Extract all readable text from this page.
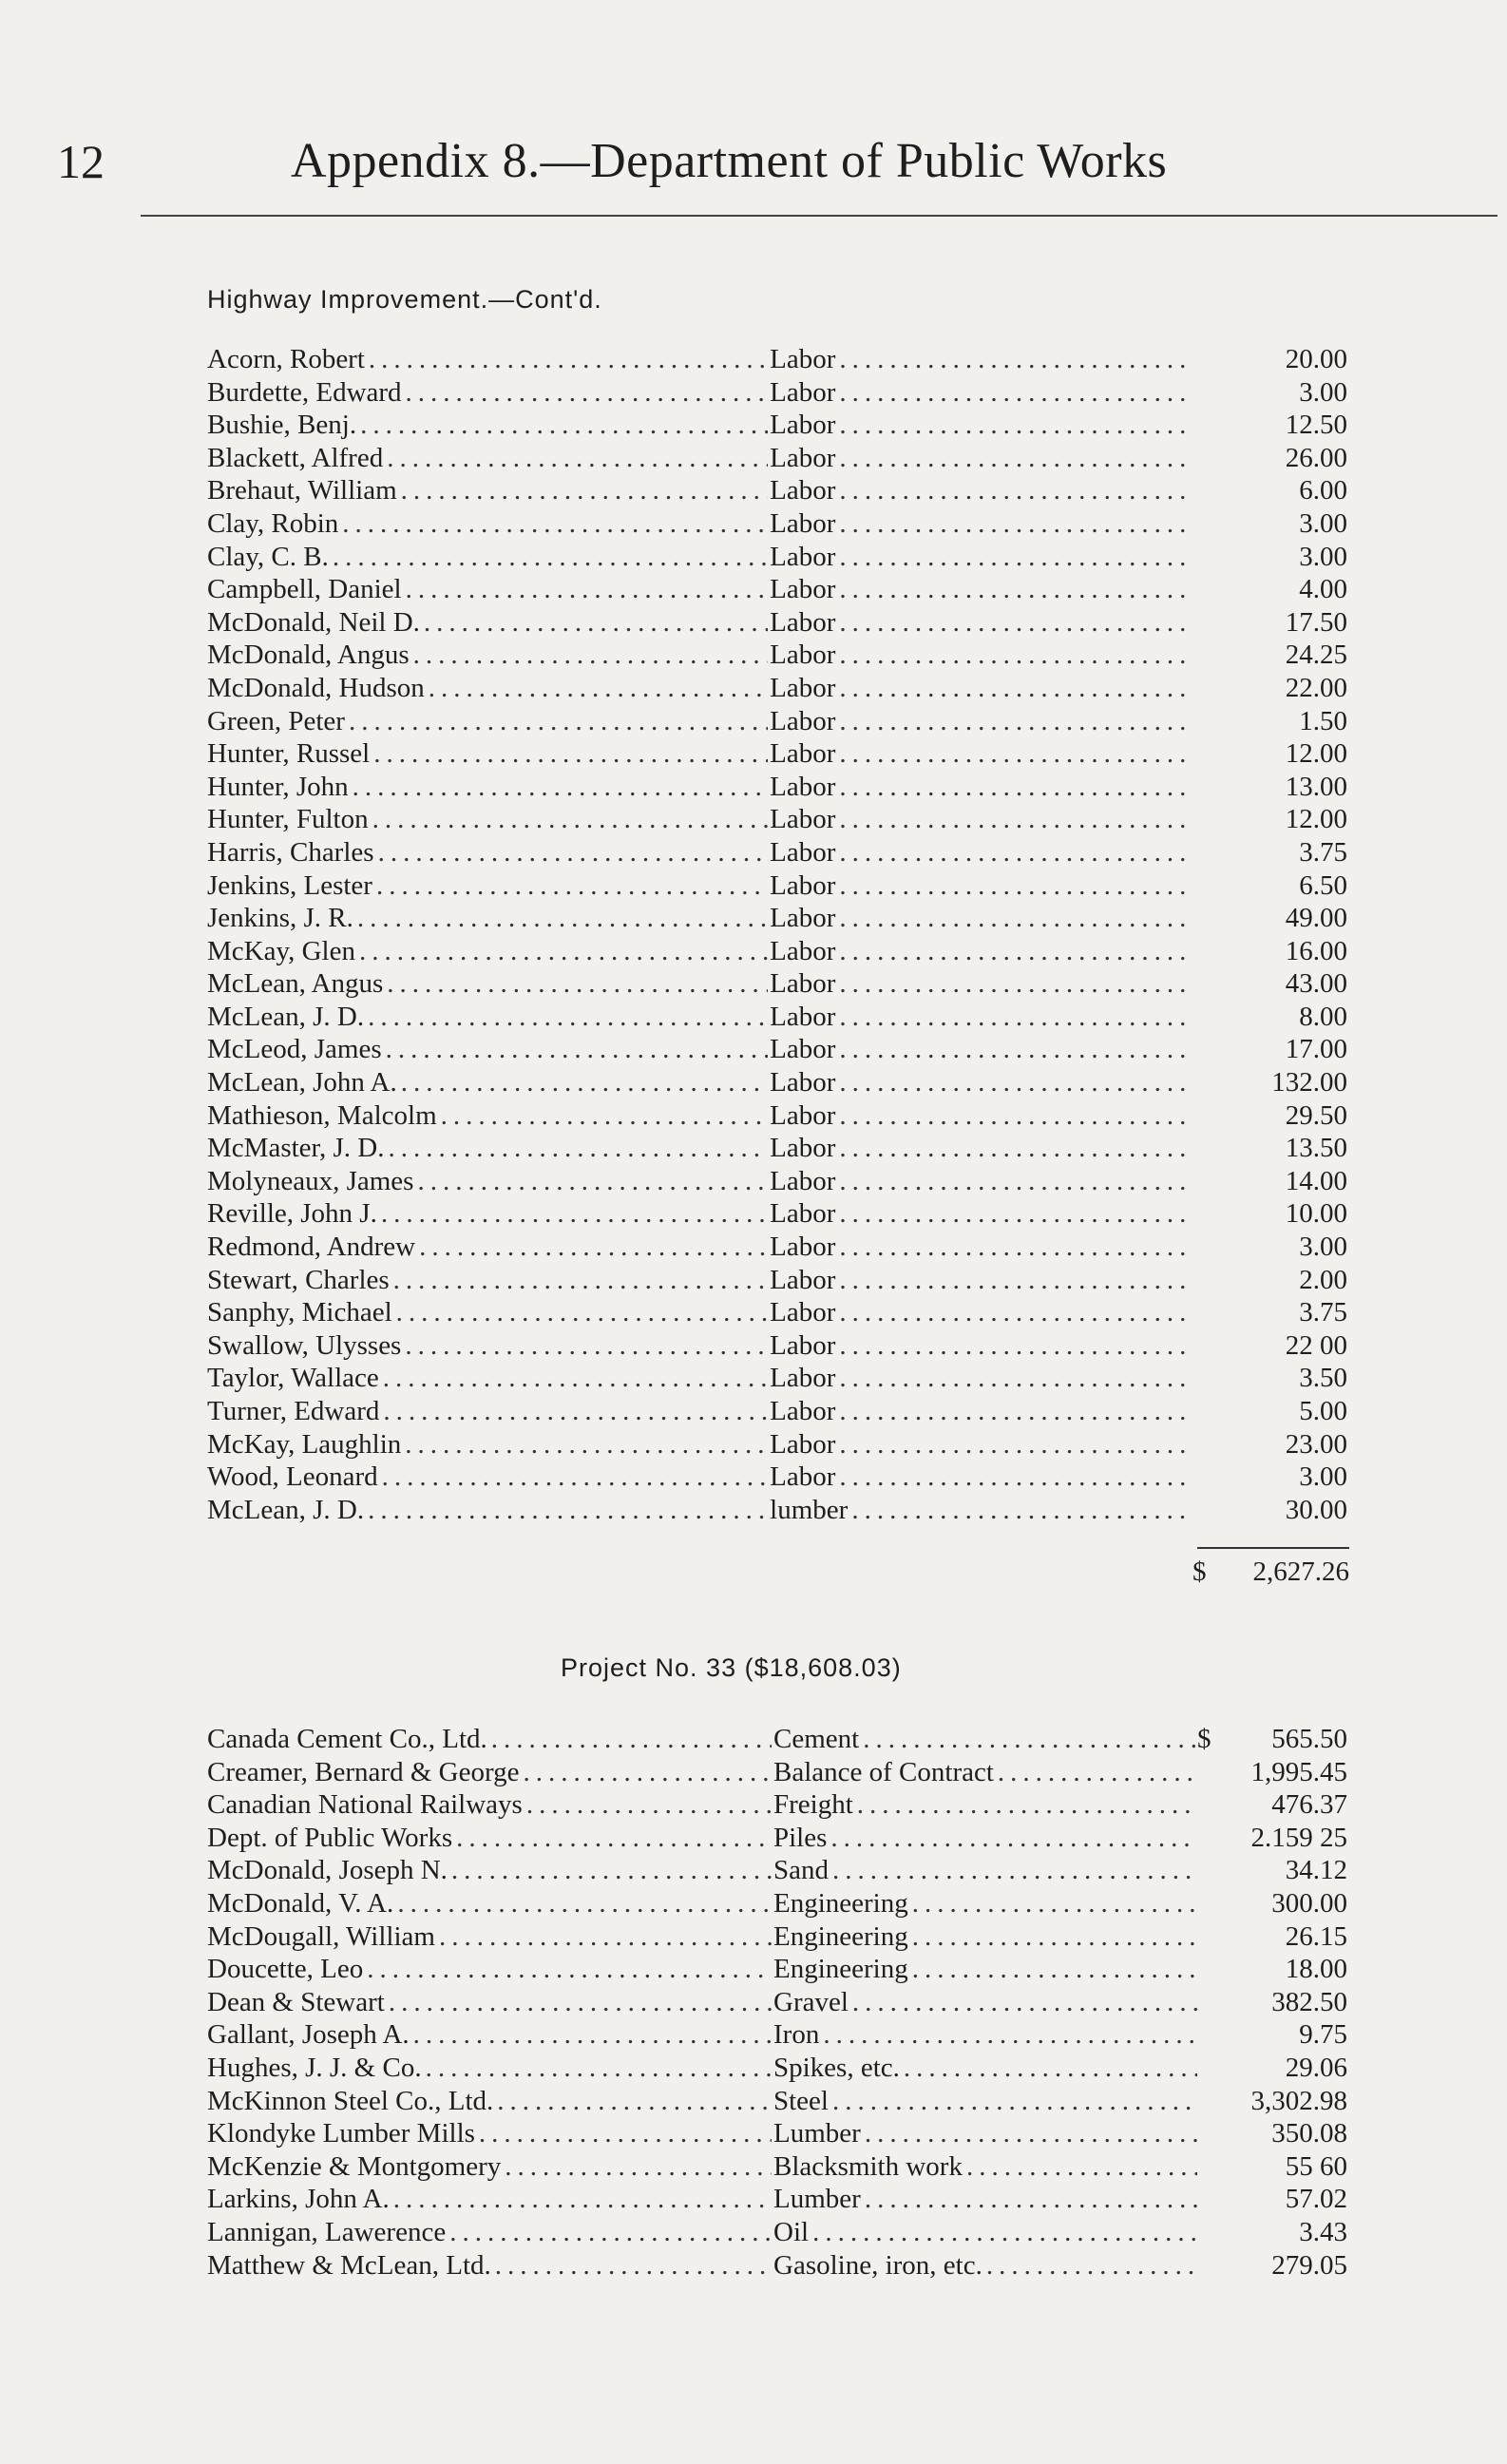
12	Appendix 8.—Department of Public Works
Highway Improvement.—Cont'd.
Acorn, Robert .....	Labor .....	20.00
Burdette, Edward .....	Labor .....	3.00
Bushie, Benj. .....	Labor .....	12.50
Blackett, Alfred .....	Labor .....	26.00
Brehaut, William .....	Labor .....	6.00
Clay, Robin .....	Labor .....	3.00
Clay, C. B. .....	Labor .....	3.00
Campbell, Daniel .....	Labor .....	4.00
McDonald, Neil D. .....	Labor .....	17.50
McDonald, Angus .....	Labor .....	24.25
McDonald, Hudson .....	Labor .....	22.00
Green, Peter .....	Labor .....	1.50
Hunter, Russel .....	Labor .....	12.00
Hunter, John .....	Labor .....	13.00
Hunter, Fulton .....	Labor .....	12.00
Harris, Charles .....	Labor .....	3.75
Jenkins, Lester .....	Labor .....	6.50
Jenkins, J. R. .....	Labor .....	49.00
McKay, Glen .....	Labor .....	16.00
McLean, Angus .....	Labor .....	43.00
McLean, J. D. .....	Labor .....	8.00
McLeod, James .....	Labor .....	17.00
McLean, John A. .....	Labor .....	132.00
Mathieson, Malcolm .....	Labor .....	29.50
McMaster, J. D. .....	Labor .....	13.50
Molyneaux, James .....	Labor .....	14.00
Reville, John J. .....	Labor .....	10.00
Redmond, Andrew .....	Labor .....	3.00
Stewart, Charles .....	Labor .....	2.00
Sanphy, Michael .....	Labor .....	3.75
Swallow, Ulysses .....	Labor .....	22 00
Taylor, Wallace .....	Labor .....	3.50
Turner, Edward .....	Labor .....	5.00
McKay, Laughlin .....	Labor .....	23.00
Wood, Leonard .....	Labor .....	3.00
McLean, J. D. .....	lumber .....	30.00
$ 2,627.26
Project No. 33 ($18,608.03)
Canada Cement Co., Ltd. .....	Cement .....	$	565.50
Creamer, Bernard & George .....	Balance of Contract .....	1,995.45
Canadian National Railways .....	Freight .....	476.37
Dept. of Public Works .....	Piles .....	2.159 25
McDonald, Joseph N. .....	Sand .....	34.12
McDonald, V. A. .....	Engineering .....	300.00
McDougall, William .....	Engineering .....	26.15
Doucette, Leo .....	Engineering .....	18.00
Dean & Stewart .....	Gravel .....	382.50
Gallant, Joseph A. .....	Iron .....	9.75
Hughes, J. J. & Co. .....	Spikes, etc. .....	29.06
McKinnon Steel Co., Ltd. .....	Steel .....	3,302.98
Klondyke Lumber Mills .....	Lumber .....	350.08
McKenzie & Montgomery .....	Blacksmith work .....	55 60
Larkins, John A. .....	Lumber .....	57.02
Lannigan, Lawerence .....	Oil .....	3.43
Matthew & McLean, Ltd. .....	Gasoline, iron, etc. .....	279.05
